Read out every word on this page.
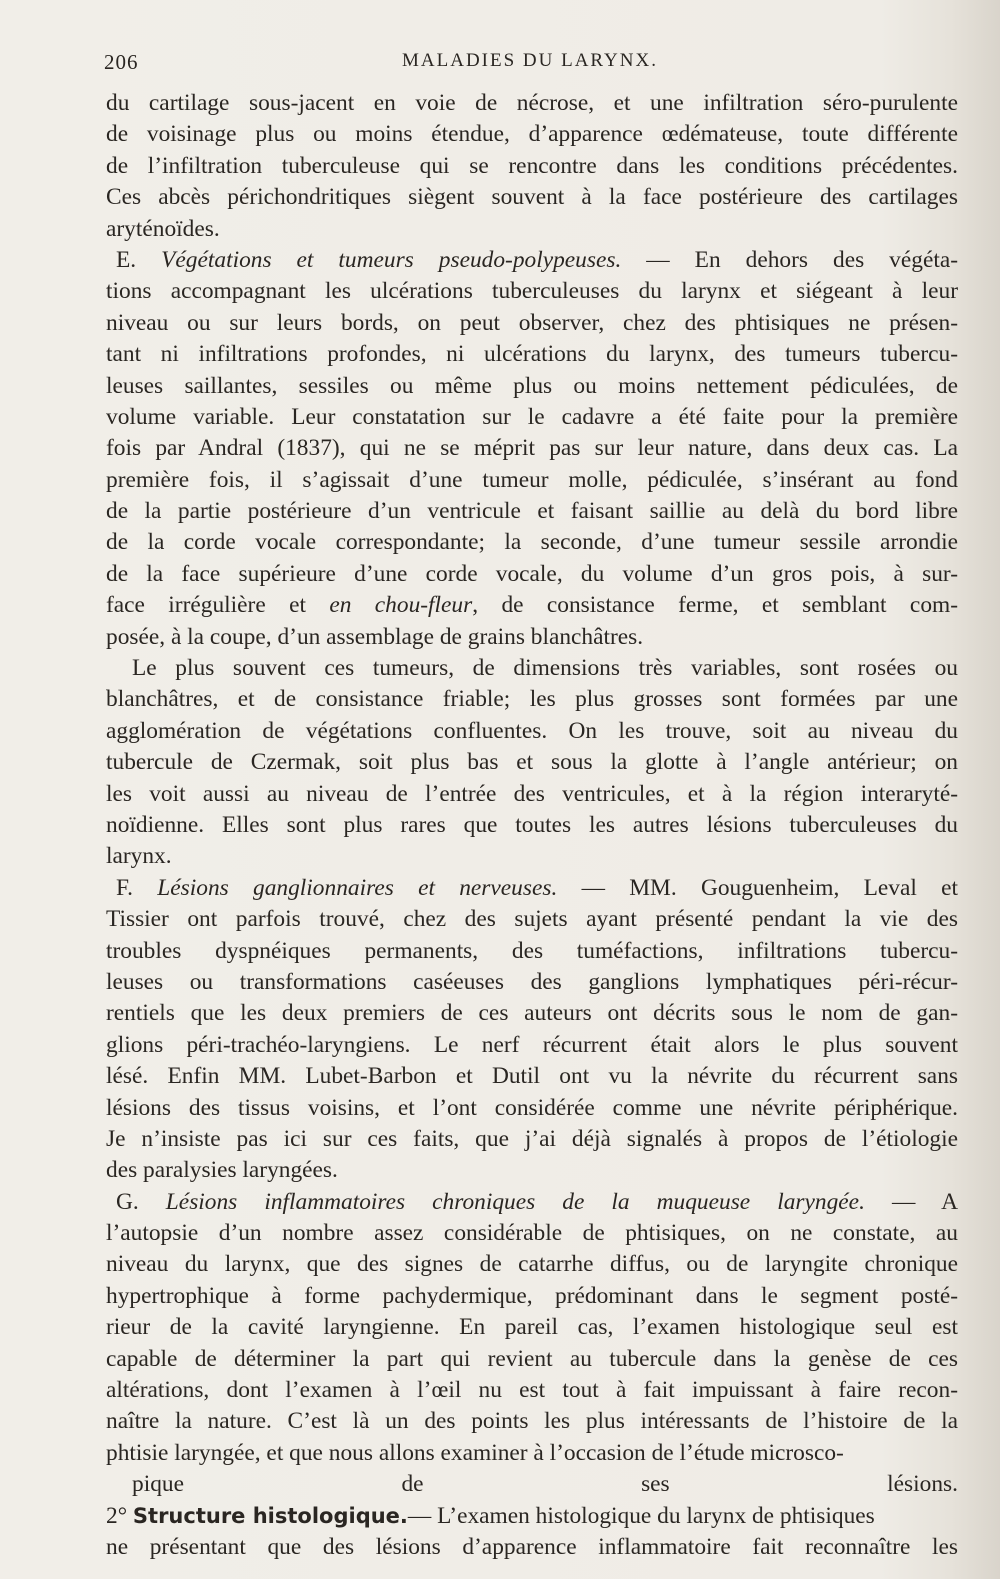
206	MALADIES DU LARYNX.
du cartilage sous-jacent en voie de nécrose, et une infiltration séro-purulente
de voisinage plus ou moins étendue, d’apparence œdémateuse, toute différente
de l’infiltration tuberculeuse qui se rencontre dans les conditions précédentes.
Ces abcès périchondritiques siègent souvent à la face postérieure des cartilages
aryténoïdes.
E. Végétations et tumeurs pseudo-polypeuses. — En dehors des végéta-
tions accompagnant les ulcérations tuberculeuses du larynx et siégeant à leur
niveau ou sur leurs bords, on peut observer, chez des phtisiques ne présen-
tant ni infiltrations profondes, ni ulcérations du larynx, des tumeurs tubercu-
leuses saillantes, sessiles ou même plus ou moins nettement pédiculées, de
volume variable. Leur constatation sur le cadavre a été faite pour la première
fois par Andral (1837), qui ne se méprit pas sur leur nature, dans deux cas. La
première fois, il s’agissait d’une tumeur molle, pédiculée, s’insérant au fond
de la partie postérieure d’un ventricule et faisant saillie au delà du bord libre
de la corde vocale correspondante; la seconde, d’une tumeur sessile arrondie
de la face supérieure d’une corde vocale, du volume d’un gros pois, à sur-
face irrégulière et en chou-fleur, de consistance ferme, et semblant com-
posée, à la coupe, d’un assemblage de grains blanchâtres.
Le plus souvent ces tumeurs, de dimensions très variables, sont rosées ou
blanchâtres, et de consistance friable; les plus grosses sont formées par une
agglomération de végétations confluentes. On les trouve, soit au niveau du
tubercule de Czermak, soit plus bas et sous la glotte à l’angle antérieur; on
les voit aussi au niveau de l’entrée des ventricules, et à la région interaryté-
noïdienne. Elles sont plus rares que toutes les autres lésions tuberculeuses du
larynx.
F. Lésions ganglionnaires et nerveuses. — MM. Gouguenheim, Leval et
Tissier ont parfois trouvé, chez des sujets ayant présenté pendant la vie des
troubles dyspnéiques permanents, des tuméfactions, infiltrations tubercu-
leuses ou transformations caséeuses des ganglions lymphatiques péri-récur-
rentiels que les deux premiers de ces auteurs ont décrits sous le nom de gan-
glions péri-trachéo-laryngiens. Le nerf récurrent était alors le plus souvent
lésé. Enfin MM. Lubet-Barbon et Dutil ont vu la névrite du récurrent sans
lésions des tissus voisins, et l’ont considérée comme une névrite périphérique.
Je n’insiste pas ici sur ces faits, que j’ai déjà signalés à propos de l’étiologie
des paralysies laryngées.
G. Lésions inflammatoires chroniques de la muqueuse laryngée. — A
l’autopsie d’un nombre assez considérable de phtisiques, on ne constate, au
niveau du larynx, que des signes de catarrhe diffus, ou de laryngite chronique
hypertrophique à forme pachydermique, prédominant dans le segment posté-
rieur de la cavité laryngienne. En pareil cas, l’examen histologique seul est
capable de déterminer la part qui revient au tubercule dans la genèse de ces
altérations, dont l’examen à l’œil nu est tout à fait impuissant à faire recon-
naître la nature. C’est là un des points les plus intéressants de l’histoire de la
phtisie laryngée, et que nous allons examiner à l’occasion de l’étude microsco-
pique de ses lésions.
2° Structure histologique.— L’examen histologique du larynx de phtisiques
ne présentant que des lésions d’apparence inflammatoire fait reconnaître les
